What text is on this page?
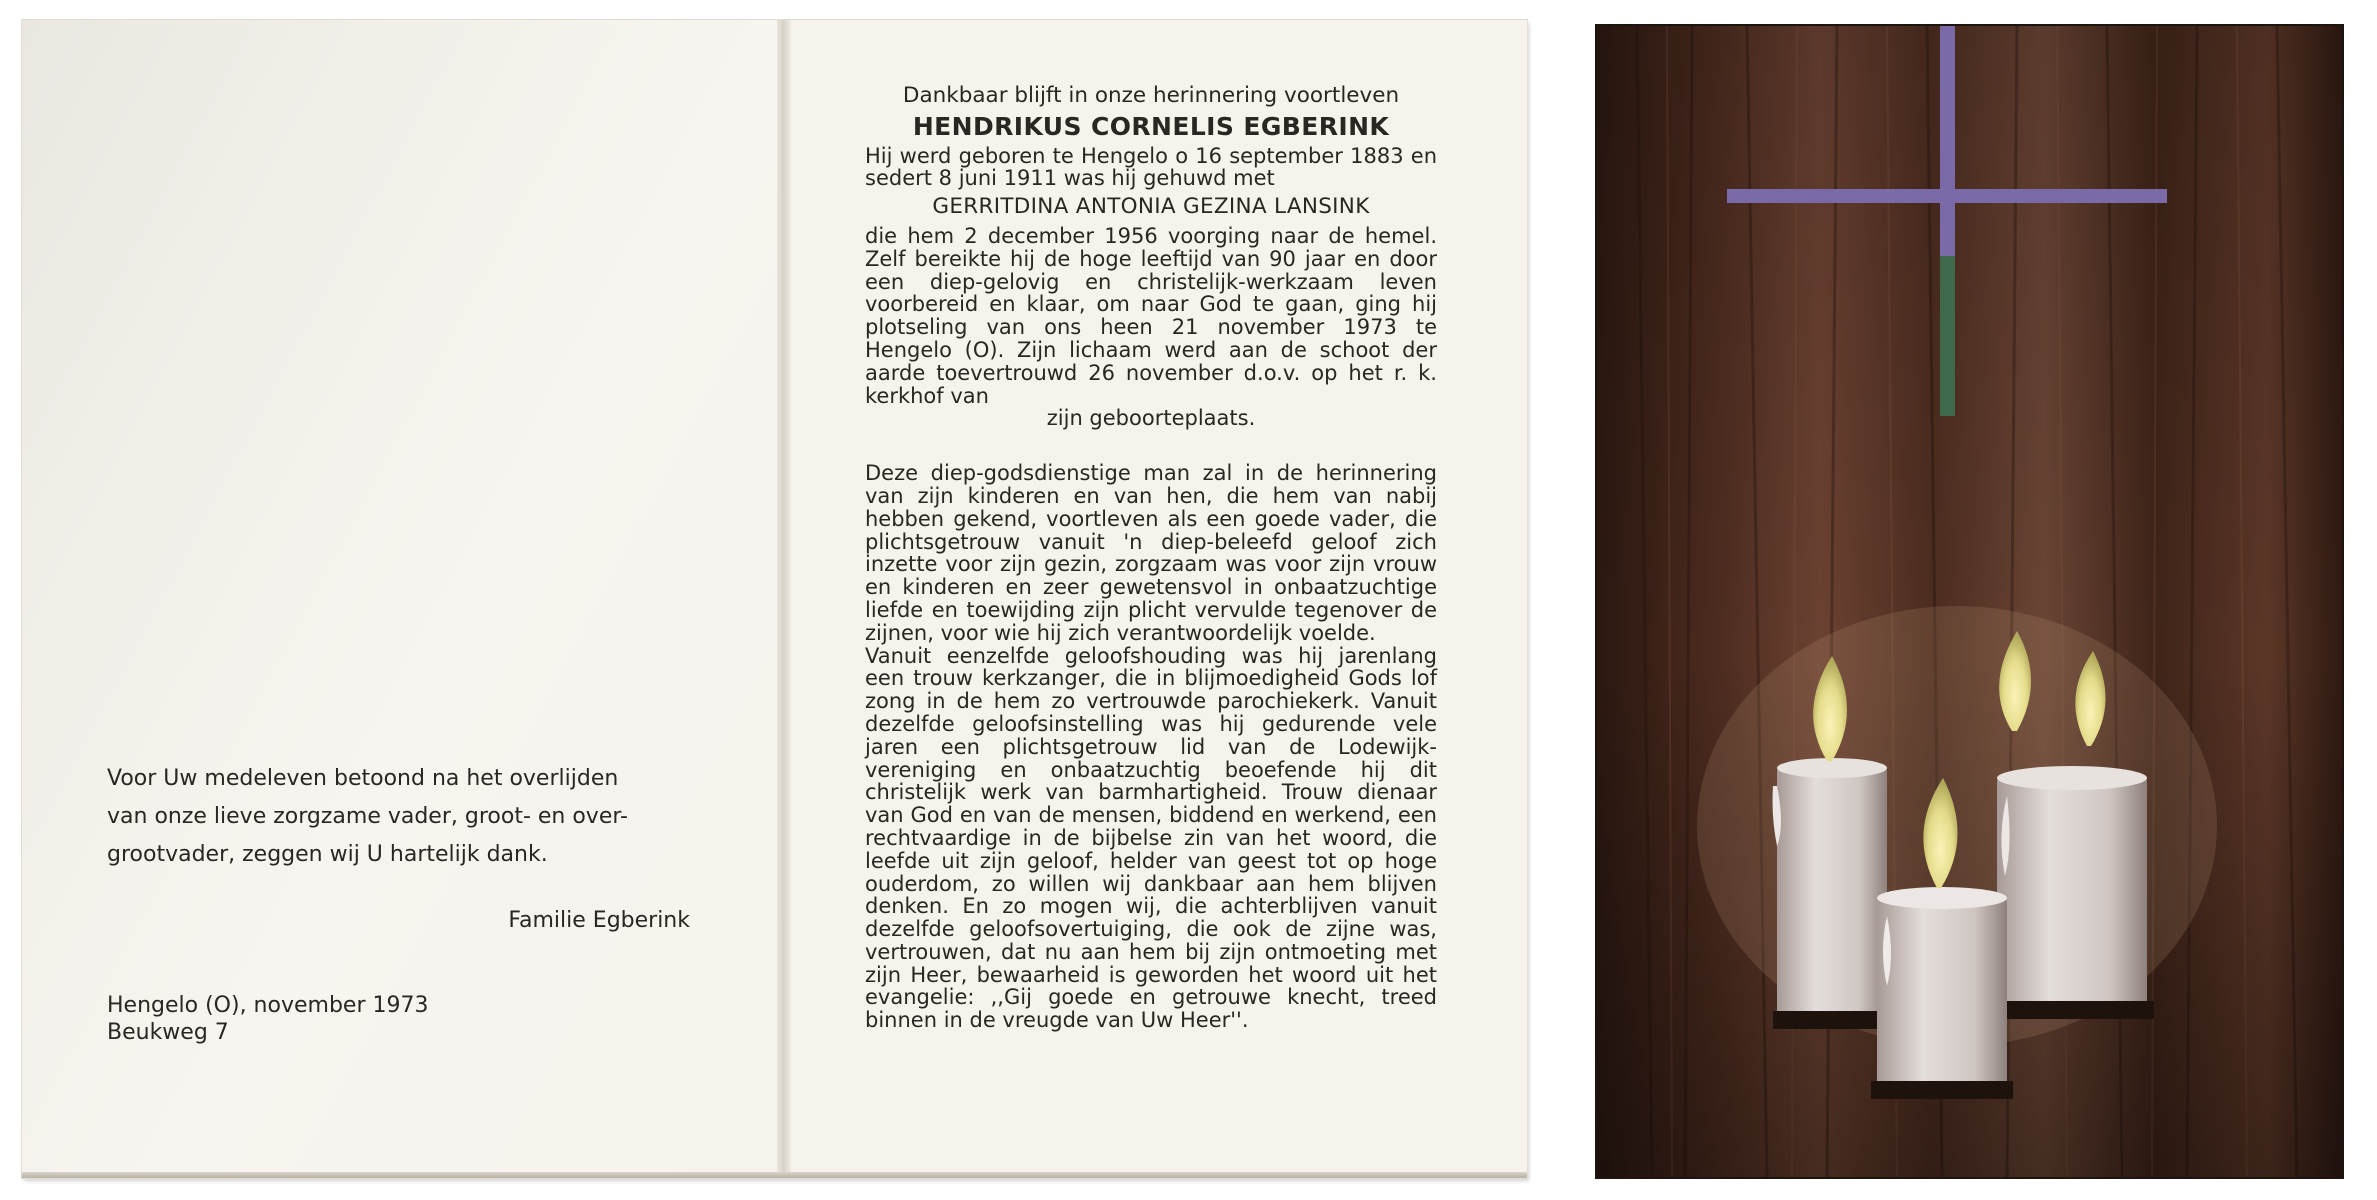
Voor Uw medeleven betoond na het overlijden
van onze lieve zorgzame vader, groot- en over-
grootvader, zeggen wij U hartelijk dank.
Familie Egberink
Hengelo (O), november 1973
Beukweg 7

Dankbaar blijft in onze herinnering voortleven

HENDRIKUS CORNELIS EGBERINK

Hij werd geboren te Hengelo o 16 september 1883 en sedert 8 juni 1911 was hij gehuwd met

GERRITDINA ANTONIA GEZINA LANSINK

die hem 2 december 1956 voorging naar de hemel. Zelf bereikte hij de hoge leeftijd van 90 jaar en door een diep-gelovig en christelijk-werkzaam leven voorbereid en klaar, om naar God te gaan, ging hij plotseling van ons heen 21 november 1973 te Hengelo (O). Zijn lichaam werd aan de schoot der aarde toevertrouwd 26 november d.o.v. op het r. k. kerkhof van

zijn geboorteplaats.

Deze diep-godsdienstige man zal in de herinnering van zijn kinderen en van hen, die hem van nabij hebben gekend, voortleven als een goede vader, die plichtsgetrouw vanuit 'n diep-beleefd geloof zich inzette voor zijn gezin, zorgzaam was voor zijn vrouw en kinderen en zeer gewetensvol in onbaatzuchtige liefde en toewijding zijn plicht vervulde tegenover de zijnen, voor wie hij zich verantwoordelijk voelde.

Vanuit eenzelfde geloofshouding was hij jarenlang een trouw kerkzanger, die in blijmoedigheid Gods lof zong in de hem zo vertrouwde parochiekerk. Vanuit dezelfde geloofsinstelling was hij gedurende vele jaren een plichtsgetrouw lid van de Lodewijk-vereniging en onbaatzuchtig beoefende hij dit christelijk werk van barmhartigheid. Trouw dienaar van God en van de mensen, biddend en werkend, een rechtvaardige in de bijbelse zin van het woord, die leefde uit zijn geloof, helder van geest tot op hoge ouderdom, zo willen wij dankbaar aan hem blijven denken. En zo mogen wij, die achterblijven vanuit dezelfde geloofsovertuiging, die ook de zijne was, vertrouwen, dat nu aan hem bij zijn ontmoeting met zijn Heer, bewaarheid is geworden het woord uit het evangelie: ,,Gij goede en getrouwe knecht, treed binnen in de vreugde van Uw Heer''.
